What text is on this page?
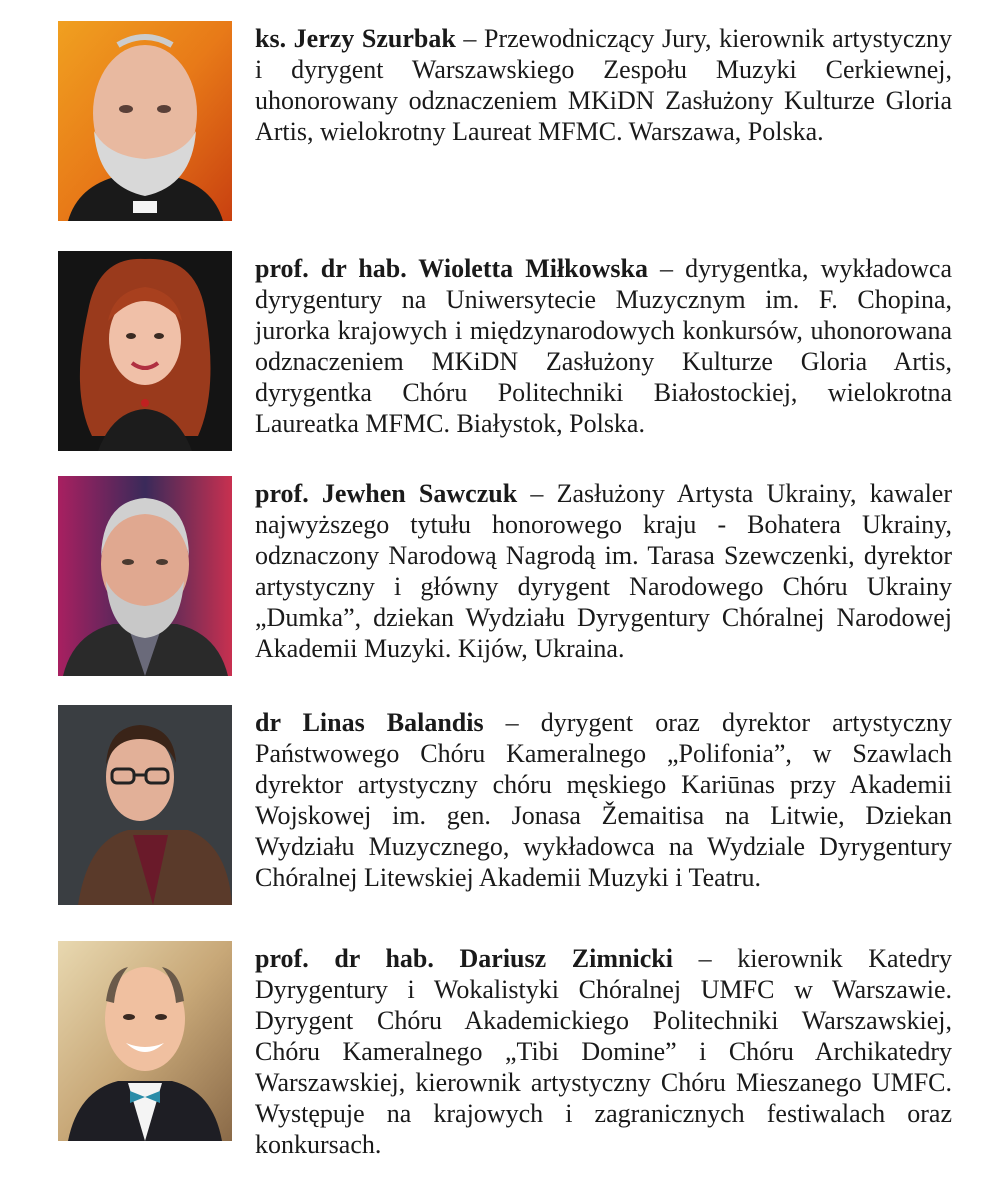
ks. Jerzy Szurbak – Przewodniczący Jury, kierownik artystyczny i dyrygent Warszawskiego Zespołu Muzyki Cerkiewnej, uhonorowany odznaczeniem MKiDN Zasłużony Kulturze Gloria Artis, wielokrotny Laureat MFMC. Warszawa, Polska.

prof. dr hab. Wioletta Miłkowska – dyrygentka, wykładowca dyrygentury na Uniwersytecie Muzycznym im. F. Chopina, jurorka krajowych i międzynarodowych konkursów, uhonorowana odznaczeniem MKiDN Zasłużony Kulturze Gloria Artis, dyrygentka Chóru Politechniki Białostockiej, wielokrotna Laureatka MFMC. Białystok, Polska.

prof. Jewhen Sawczuk – Zasłużony Artysta Ukrainy, kawaler najwyższego tytułu honorowego kraju - Bohatera Ukrainy, odznaczony Narodową Nagrodą im. Tarasa Szewczenki, dyrektor artystyczny i główny dyrygent Narodowego Chóru Ukrainy „Dumka”, dziekan Wydziału Dyrygentury Chóralnej Narodowej Akademii Muzyki. Kijów, Ukraina.

dr Linas Balandis – dyrygent oraz dyrektor artystyczny Państwowego Chóru Kameralnego „Polifonia”, w Szawlach dyrektor artystyczny chóru męskiego Kariūnas przy Akademii Wojskowej im. gen. Jonasa Žemaitisa na Litwie, Dziekan Wydziału Muzycznego, wykładowca na Wydziale Dyrygentury Chóralnej Litewskiej Akademii Muzyki i Teatru.

prof. dr hab. Dariusz Zimnicki – kierownik Katedry Dyrygentury i Wokalistyki Chóralnej UMFC w Warszawie. Dyrygent Chóru Akademickiego Politechniki Warszawskiej, Chóru Kameralnego „Tibi Domine” i Chóru Archikatedry Warszawskiej, kierownik artystyczny Chóru Mieszanego UMFC. Występuje na krajowych i zagranicznych festiwalach oraz konkursach.
